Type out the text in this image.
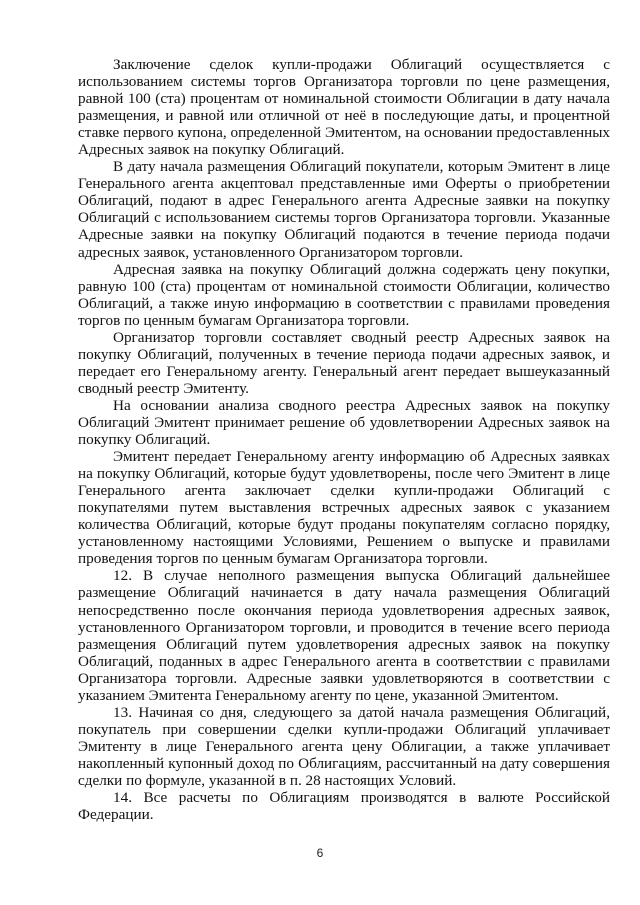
Заключение сделок купли-продажи Облигаций осуществляется с использованием системы торгов Организатора торговли по цене размещения, равной 100 (ста) процентам от номинальной стоимости Облигации в дату начала размещения, и равной или отличной от неё в последующие даты, и процентной ставке первого купона, определенной Эмитентом, на основании предоставленных Адресных заявок на покупку Облигаций.

В дату начала размещения Облигаций покупатели, которым Эмитент в лице Генерального агента акцептовал представленные ими Оферты о приобретении Облигаций, подают в адрес Генерального агента Адресные заявки на покупку Облигаций с использованием системы торгов Организатора торговли. Указанные Адресные заявки на покупку Облигаций подаются в течение периода подачи адресных заявок, установленного Организатором торговли.

Адресная заявка на покупку Облигаций должна содержать цену покупки, равную 100 (ста) процентам от номинальной стоимости Облигации, количество Облигаций, а также иную информацию в соответствии с правилами проведения торгов по ценным бумагам Организатора торговли.

Организатор торговли составляет сводный реестр Адресных заявок на покупку Облигаций, полученных в течение периода подачи адресных заявок, и передает его Генеральному агенту. Генеральный агент передает вышеуказанный сводный реестр Эмитенту.

На основании анализа сводного реестра Адресных заявок на покупку Облигаций Эмитент принимает решение об удовлетворении Адресных заявок на покупку Облигаций.

Эмитент передает Генеральному агенту информацию об Адресных заявках на покупку Облигаций, которые будут удовлетворены, после чего Эмитент в лице Генерального агента заключает сделки купли-продажи Облигаций с покупателями путем выставления встречных адресных заявок с указанием количества Облигаций, которые будут проданы покупателям согласно порядку, установленному настоящими Условиями, Решением о выпуске и правилами проведения торгов по ценным бумагам Организатора торговли.

12. В случае неполного размещения выпуска Облигаций дальнейшее размещение Облигаций начинается в дату начала размещения Облигаций непосредственно после окончания периода удовлетворения адресных заявок, установленного Организатором торговли, и проводится в течение всего периода размещения Облигаций путем удовлетворения адресных заявок на покупку Облигаций, поданных в адрес Генерального агента в соответствии с правилами Организатора торговли. Адресные заявки удовлетворяются в соответствии с указанием Эмитента Генеральному агенту по цене, указанной Эмитентом.

13. Начиная со дня, следующего за датой начала размещения Облигаций, покупатель при совершении сделки купли-продажи Облигаций уплачивает Эмитенту в лице Генерального агента цену Облигации, а также уплачивает накопленный купонный доход по Облигациям, рассчитанный на дату совершения сделки по формуле, указанной в п. 28 настоящих Условий.

14. Все расчеты по Облигациям производятся в валюте Российской Федерации.

6
